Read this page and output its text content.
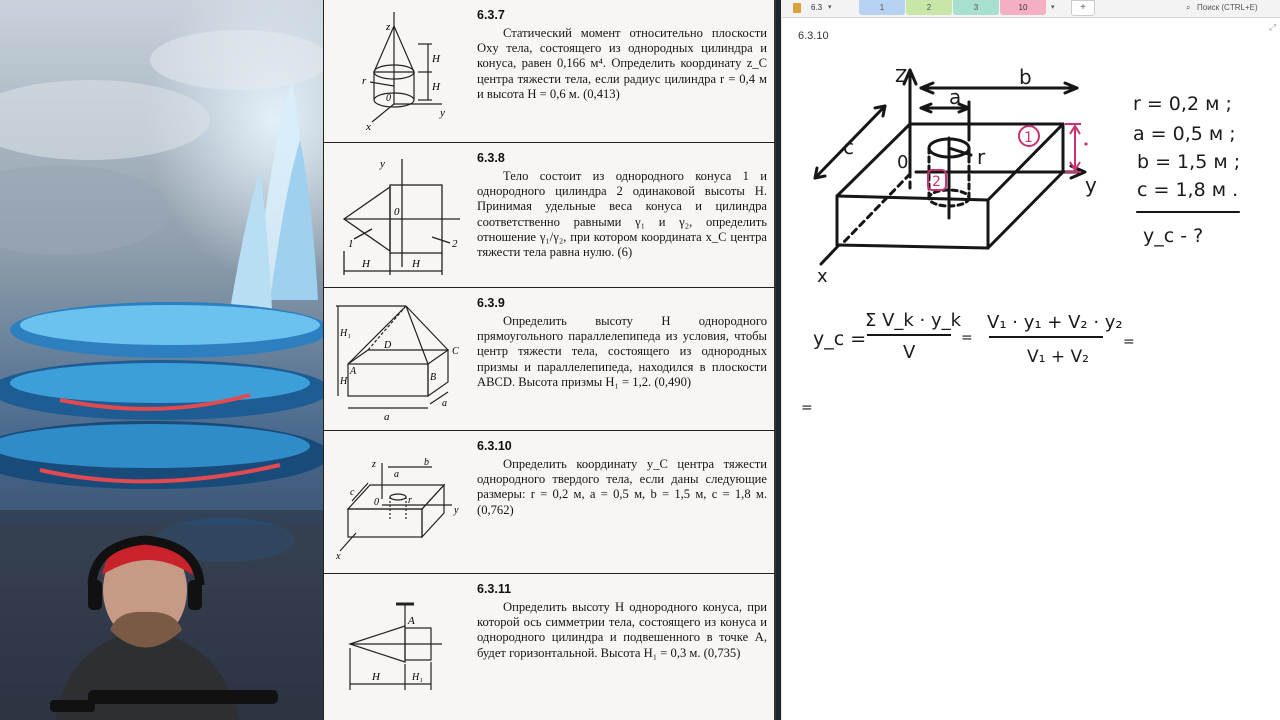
z
H
H
r
0
y
x
6.3.7

Статический момент относительно плоскости Oxy тела, состоящего из однородных цилиндра и конуса, равен 0,166 м⁴. Определить координату z_C центра тяжести тела, если радиус цилиндра r = 0,4 м и высота H = 0,6 м. (0,413)

y
0
1	2
H	H
6.3.8

Тело состоит из однородного конуса 1 и однородного цилиндра 2 одинаковой высоты H. Принимая удельные веса конуса и цилиндра соответственно равными γ₁ и γ₂, определить отношение γ₁/γ₂, при котором координата x_C центра тяжести тела равна нулю. (6)

H₁
D
C
A
B
H
a
a
6.3.9

Определить высоту H однородного прямоугольного параллелепипеда из условия, чтобы центр тяжести тела, состоящего из однородных призмы и параллелепипеда, находился в плоскости ABCD. Высота призмы H₁ = 1,2. (0,490)

z
a
b
c
r
0
y
x
6.3.10

Определить координату y_C центра тяжести однородного твердого тела, если даны следующие размеры: r = 0,2 м, a = 0,5 м, b = 1,5 м, c = 1,8 м. (0,762)

A
H	H₁
6.3.11

Определить высоту H однородного конуса, при которой ось симметрии тела, состоящего из конуса и однородного цилиндра и подвешенного в точке A, будет горизонтальной. Высота H₁ = 0,3 м. (0,735)

6.3 ▾	1	2	3	10	▾	+	⌕ Поиск (CTRL+E)
⤢
6.3.10
Z	b
a
c
0	r
y
x
1
2
r = 0,2 м ;
a = 0,5 м ;
b = 1,5 м ;
c = 1,8 м .
y_c - ?
y_c =
Σ V_k · y_k
V
=
V₁ · y₁ + V₂ · y₂
V₁ + V₂
=
=
